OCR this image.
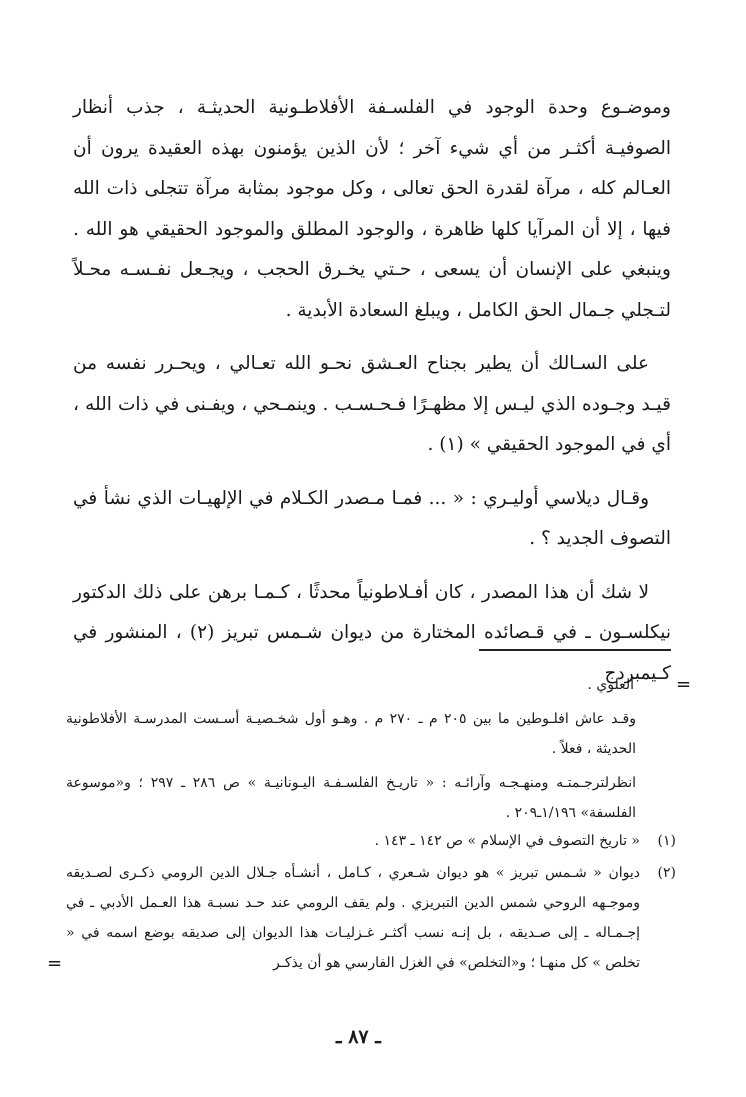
وموضـوع وحدة الوجود في الفلسـفة الأفلاطـونية الحديثـة ، جذب أنظار الصوفيـة أكثـر من أي شيء آخر ؛ لأن الذين يؤمنون بهذه العقيدة يرون أن العـالم كله ، مرآة لقدرة الحق تعالى ، وكل موجود بمثابة مرآة تتجلى ذات الله فيها ، إلا أن المرآيا كلها ظاهرة ، والوجود المطلق والموجود الحقيقي هو الله . وينبغي على الإنسان أن يسعى ، حـتي يخـرق الحجب ، ويجـعل نفـسـه محـلاً لتـجلي جـمال الحق الكامل ، ويبلغ السعادة الأبدية .

على السـالك أن يطير بجناح العـشق نحـو الله تعـالي ، ويحـرر نفسه من قيـد وجـوده الذي ليـس إلا مظهـرًا فـحـسـب . وينمـحي ، ويفـنى في ذات الله ، أي في الموجود الحقيقي » (١) .

وقـال ديلاسي أوليـري : « ... فمـا مـصدر الكـلام في الإلهيـات الذي نشأ في التصوف الجديد ؟ .

لا شك أن هذا المصدر ، كان أفـلاطونياً محدثًا ، كـمـا برهن على ذلك الدكتور نيكلسـون ـ في قـصائده المختارة من ديوان شـمس تبريز (٢) ، المنشور في كـيمبردج

=

العلوي .

وقـد عاش افلـوطين ما بين ٢٠٥ م ـ ٢٧٠ م . وهـو أول شخـصيـة أسـست المدرسـة الأفلاطونية الحديثة ، فعلاً .

انظرلترجـمتـه ومنهـجـه وآرائـه : « تاريـخ الفلسـفـة اليـونانيـة » ص ٢٨٦ ـ ٢٩٧ ؛ و«موسوعة الفلسفة» ١/١٩٦ـ٢٠٩ .

(١)
« تاريخ التصوف في الإسلام » ص ١٤٢ ـ ١٤٣ .
(٢)
ديوان « شـمس تبريز » هو ديوان شـعري ، كـامل ، أنشـأه جـلال الدين الرومي ذكـرى لصـديقه وموجـهه الروحي شمس الدين التبريزي . ولم يقف الرومي عند حـد نسبـة هذا العـمل الأدبي ـ في إجـمـاله ـ إلى صـديقه ، بل إنـه نسب أكثـر غـزليـات هذا الديوان إلى صديقه بوضع اسمه في « تخلص » كل منهـا ؛ و«التخلص» في الغزل الفارسي هو أن يذكـر
=
ـ ٨٧ ـ
